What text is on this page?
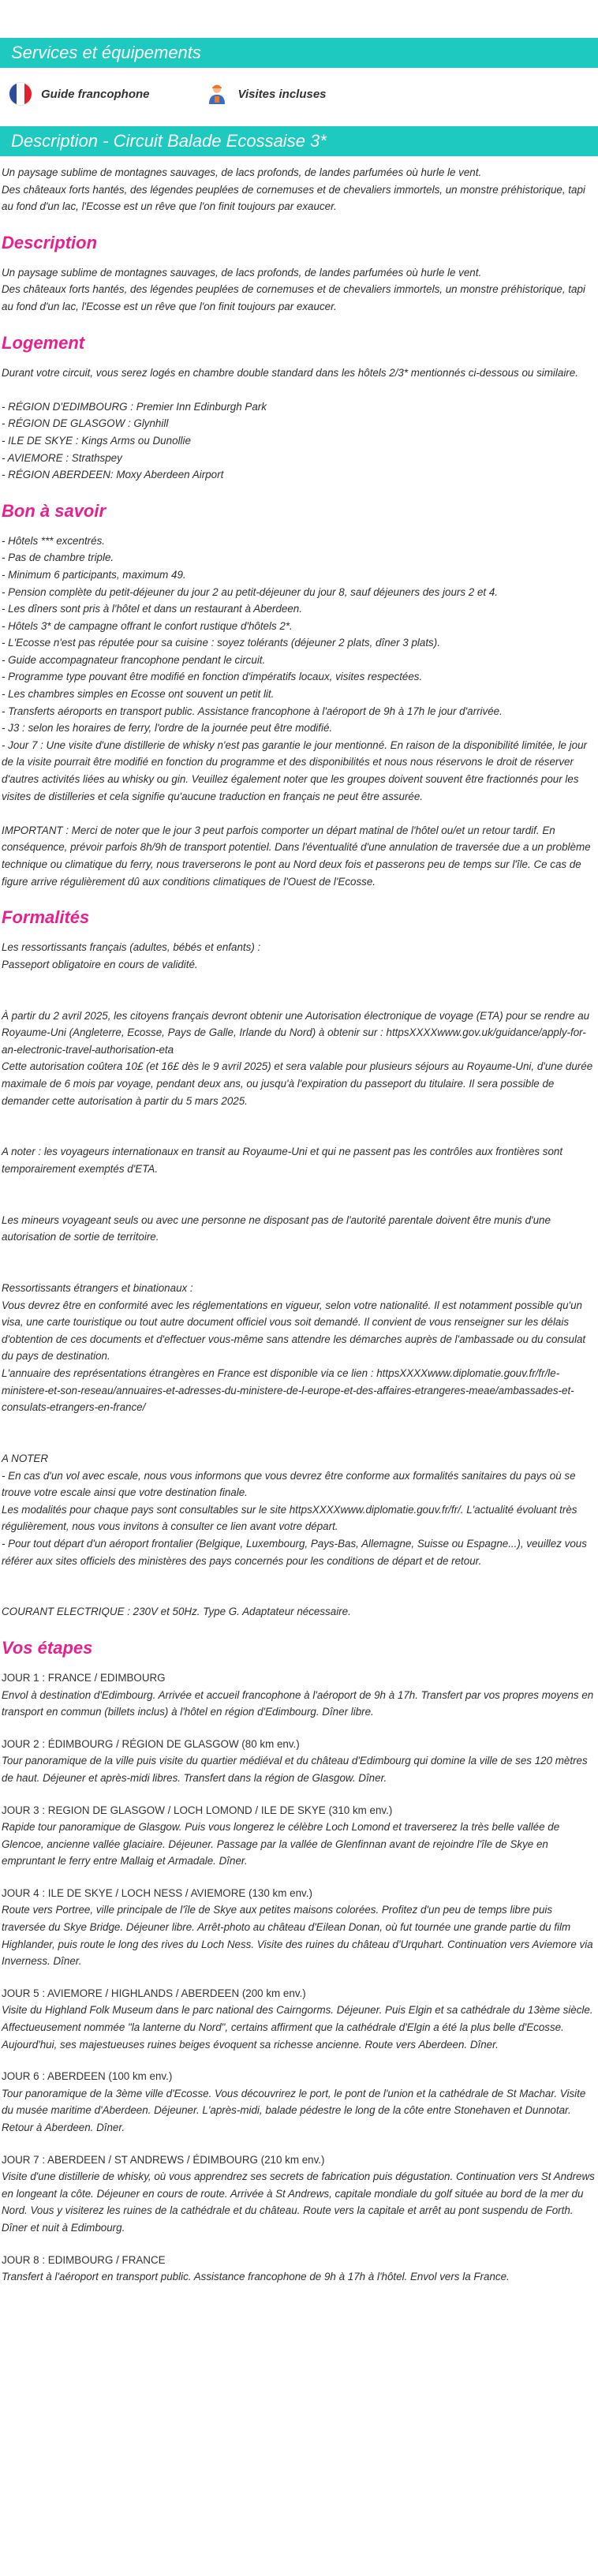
Services et équipements
Guide francophone	Visites incluses
Description - Circuit Balade Ecossaise 3*

Un paysage sublime de montagnes sauvages, de lacs profonds, de landes parfumées où hurle le vent.
Des châteaux forts hantés, des légendes peuplées de cornemuses et de chevaliers immortels, un monstre préhistorique, tapi au fond d'un lac, l'Ecosse est un rêve que l'on finit toujours par exaucer.

Description

Un paysage sublime de montagnes sauvages, de lacs profonds, de landes parfumées où hurle le vent.
Des châteaux forts hantés, des légendes peuplées de cornemuses et de chevaliers immortels, un monstre préhistorique, tapi au fond d'un lac, l'Ecosse est un rêve que l'on finit toujours par exaucer.

Logement

Durant votre circuit, vous serez logés en chambre double standard dans les hôtels 2/3* mentionnés ci-dessous ou similaire.

- RÉGION D'EDIMBOURG : Premier Inn Edinburgh Park
- RÉGION DE GLASGOW : Glynhill
- ILE DE SKYE : Kings Arms ou Dunollie
- AVIEMORE : Strathspey
- RÉGION ABERDEEN: Moxy Aberdeen Airport

Bon à savoir

- Hôtels *** excentrés.
- Pas de chambre triple.
- Minimum 6 participants, maximum 49.
- Pension complète du petit-déjeuner du jour 2 au petit-déjeuner du jour 8, sauf déjeuners des jours 2 et 4.
- Les dîners sont pris à l'hôtel et dans un restaurant à Aberdeen.
- Hôtels 3* de campagne offrant le confort rustique d'hôtels 2*.
- L'Ecosse n'est pas réputée pour sa cuisine : soyez tolérants (déjeuner 2 plats, dîner 3 plats).
- Guide accompagnateur francophone pendant le circuit.
- Programme type pouvant être modifié en fonction d'impératifs locaux, visites respectées.
- Les chambres simples en Ecosse ont souvent un petit lit.
- Transferts aéroports en transport public. Assistance francophone à l'aéroport de 9h à 17h le jour d'arrivée.
- J3 : selon les horaires de ferry, l'ordre de la journée peut être modifié.
- Jour 7 : Une visite d'une distillerie de whisky n'est pas garantie le jour mentionné. En raison de la disponibilité limitée, le jour de la visite pourrait être modifié en fonction du programme et des disponibilités et nous nous réservons le droit de réserver d'autres activités liées au whisky ou gin. Veuillez également noter que les groupes doivent souvent être fractionnés pour les visites de distilleries et cela signifie qu'aucune traduction en français ne peut être assurée.

IMPORTANT : Merci de noter que le jour 3 peut parfois comporter un départ matinal de l'hôtel ou/et un retour tardif. En conséquence, prévoir parfois 8h/9h de transport potentiel. Dans l'éventualité d'une annulation de traversée due a un problème technique ou climatique du ferry, nous traverserons le pont au Nord deux fois et passerons peu de temps sur l'île. Ce cas de figure arrive régulièrement dû aux conditions climatiques de l'Ouest de l'Ecosse.

Formalités

Les ressortissants français (adultes, bébés et enfants) :
Passeport obligatoire en cours de validité.

À partir du 2 avril 2025, les citoyens français devront obtenir une Autorisation électronique de voyage (ETA) pour se rendre au Royaume-Uni (Angleterre, Ecosse, Pays de Galle, Irlande du Nord) à obtenir sur : httpsXXXXwww.gov.uk/guidance/apply-for-an-electronic-travel-authorisation-eta
Cette autorisation coûtera 10£ (et 16£ dès le 9 avril 2025) et sera valable pour plusieurs séjours au Royaume-Uni, d'une durée maximale de 6 mois par voyage, pendant deux ans, ou jusqu'à l'expiration du passeport du titulaire. Il sera possible de demander cette autorisation à partir du 5 mars 2025.

A noter : les voyageurs internationaux en transit au Royaume-Uni et qui ne passent pas les contrôles aux frontières sont temporairement exemptés d'ETA.

Les mineurs voyageant seuls ou avec une personne ne disposant pas de l'autorité parentale doivent être munis d'une autorisation de sortie de territoire.

Ressortissants étrangers et binationaux :
Vous devrez être en conformité avec les réglementations en vigueur, selon votre nationalité. Il est notamment possible qu'un visa, une carte touristique ou tout autre document officiel vous soit demandé. Il convient de vous renseigner sur les délais d'obtention de ces documents et d'effectuer vous-même sans attendre les démarches auprès de l'ambassade ou du consulat du pays de destination.
L'annuaire des représentations étrangères en France est disponible via ce lien : httpsXXXXwww.diplomatie.gouv.fr/fr/le-ministere-et-son-reseau/annuaires-et-adresses-du-ministere-de-l-europe-et-des-affaires-etrangeres-meae/ambassades-et-consulats-etrangers-en-france/

A NOTER
- En cas d'un vol avec escale, nous vous informons que vous devrez être conforme aux formalités sanitaires du pays où se trouve votre escale ainsi que votre destination finale.
Les modalités pour chaque pays sont consultables sur le site httpsXXXXwww.diplomatie.gouv.fr/fr/. L'actualité évoluant très régulièrement, nous vous invitons à consulter ce lien avant votre départ.
- Pour tout départ d'un aéroport frontalier (Belgique, Luxembourg, Pays-Bas, Allemagne, Suisse ou Espagne...), veuillez vous référer aux sites officiels des ministères des pays concernés pour les conditions de départ et de retour.

COURANT ELECTRIQUE : 230V et 50Hz. Type G. Adaptateur nécessaire.

Vos étapes
JOUR 1 : FRANCE / EDIMBOURG
Envol à destination d'Edimbourg. Arrivée et accueil francophone à l'aéroport de 9h à 17h. Transfert par vos propres moyens en transport en commun (billets inclus) à l'hôtel en région d'Edimbourg. Dîner libre.
JOUR 2 : ÉDIMBOURG / RÉGION DE GLASGOW (80 km env.)
Tour panoramique de la ville puis visite du quartier médiéval et du château d'Edimbourg qui domine la ville de ses 120 mètres de haut. Déjeuner et après-midi libres. Transfert dans la région de Glasgow. Dîner.
JOUR 3 : REGION DE GLASGOW / LOCH LOMOND / ILE DE SKYE (310 km env.)
Rapide tour panoramique de Glasgow. Puis vous longerez le célèbre Loch Lomond et traverserez la très belle vallée de Glencoe, ancienne vallée glaciaire. Déjeuner. Passage par la vallée de Glenfinnan avant de rejoindre l'île de Skye en empruntant le ferry entre Mallaig et Armadale. Dîner.
JOUR 4 : ILE DE SKYE / LOCH NESS / AVIEMORE (130 km env.)
Route vers Portree, ville principale de l'île de Skye aux petites maisons colorées. Profitez d'un peu de temps libre puis traversée du Skye Bridge. Déjeuner libre. Arrêt-photo au château d'Eilean Donan, où fut tournée une grande partie du film Highlander, puis route le long des rives du Loch Ness. Visite des ruines du château d'Urquhart. Continuation vers Aviemore via Inverness. Dîner.
JOUR 5 : AVIEMORE / HIGHLANDS / ABERDEEN (200 km env.)
Visite du Highland Folk Museum dans le parc national des Cairngorms. Déjeuner. Puis Elgin et sa cathédrale du 13ème siècle. Affectueusement nommée "la lanterne du Nord", certains affirment que la cathédrale d'Elgin a été la plus belle d'Ecosse. Aujourd'hui, ses majestueuses ruines beiges évoquent sa richesse ancienne. Route vers Aberdeen. Dîner.
JOUR 6 : ABERDEEN (100 km env.)
Tour panoramique de la 3ème ville d'Ecosse. Vous découvrirez le port, le pont de l'union et la cathédrale de St Machar. Visite du musée maritime d'Aberdeen. Déjeuner. L'après-midi, balade pédestre le long de la côte entre Stonehaven et Dunnotar. Retour à Aberdeen. Dîner.
JOUR 7 : ABERDEEN / ST ANDREWS / ÉDIMBOURG (210 km env.)
Visite d'une distillerie de whisky, où vous apprendrez ses secrets de fabrication puis dégustation. Continuation vers St Andrews en longeant la côte. Déjeuner en cours de route. Arrivée à St Andrews, capitale mondiale du golf située au bord de la mer du Nord. Vous y visiterez les ruines de la cathédrale et du château. Route vers la capitale et arrêt au pont suspendu de Forth. Dîner et nuit à Edimbourg.
JOUR 8 : EDIMBOURG / FRANCE
Transfert à l'aéroport en transport public. Assistance francophone de 9h à 17h à l'hôtel. Envol vers la France.
